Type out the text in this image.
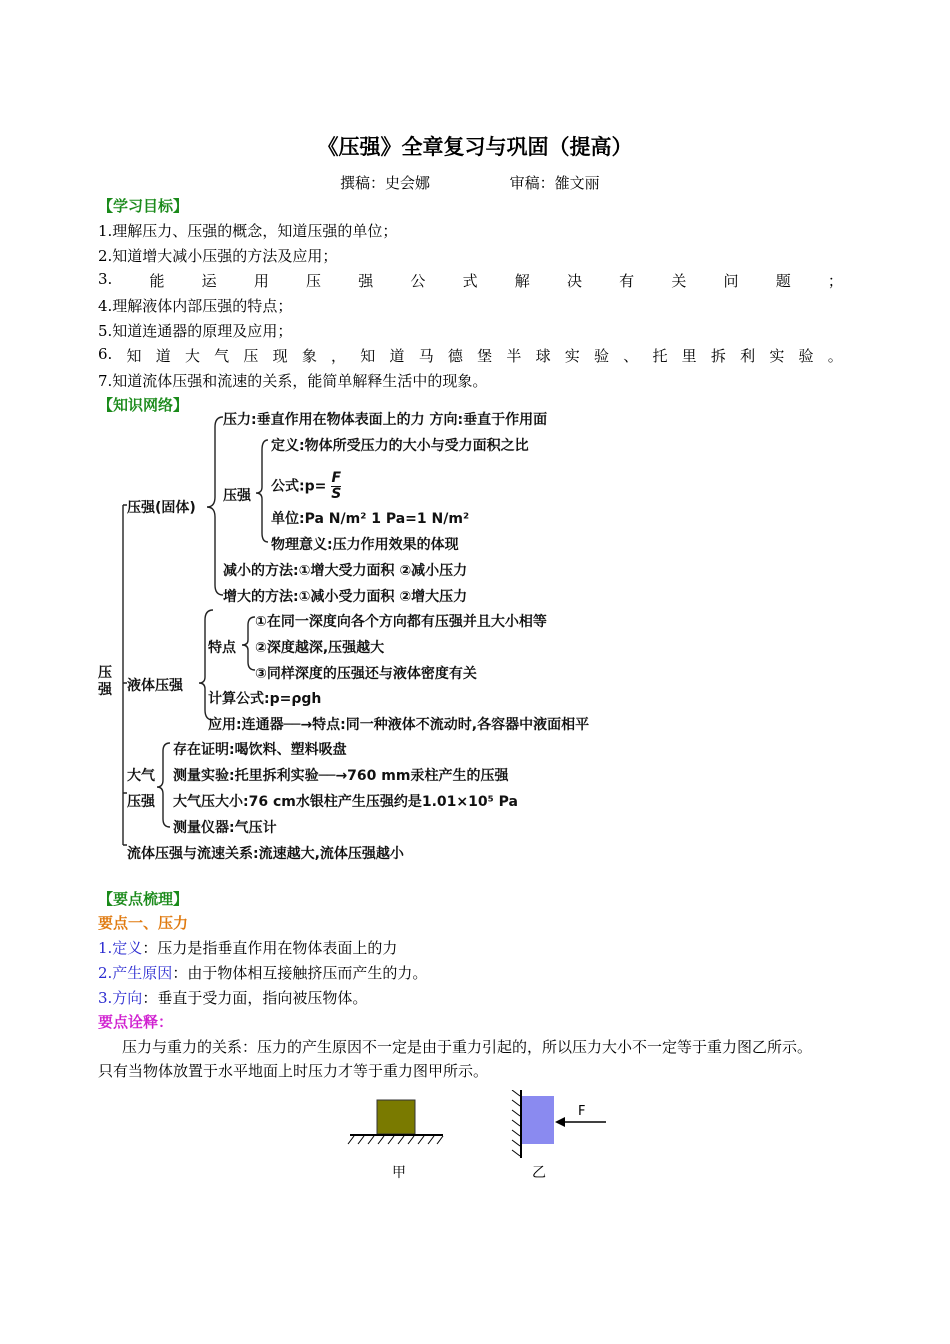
《压强》全章复习与巩固（提高）
撰稿：史会娜	审稿：雒文丽
【学习目标】
1.理解压力、压强的概念，知道压强的单位；
2.知道增大减小压强的方法及应用；
3. 能 运 用 压 强 公 式 解 决 有 关 问 题 ；
4.理解液体内部压强的特点；
5.知道连通器的原理及应用；
6. 知 道 大 气 压 现 象 ， 知 道 马 德 堡 半 球 实 验 、 托 里 拆 利 实 验 。
7.知道流体压强和流速的关系，能简单解释生活中的现象。
【知识网络】
压强
压强(固体)
压力:垂直作用在物体表面上的力 方向:垂直于作用面
压强
定义:物体所受压力的大小与受力面积之比
公式:p= $\frac{F}{S}$
单位:Pa N/m² 1 Pa=1 N/m²
物理意义:压力作用效果的体现
减小的方法:①增大受力面积 ②减小压力
增大的方法:①减小受力面积 ②增大压力
液体压强
特点
①在同一深度向各个方向都有压强并且大小相等
②深度越深,压强越大
③同样深度的压强还与液体密度有关
计算公式:p=ρgh
应用:连通器──→特点:同一种液体不流动时,各容器中液面相平
大气
压强
存在证明:喝饮料、塑料吸盘
测量实验:托里拆利实验──→760 mm汞柱产生的压强
大气压大小:76 cm水银柱产生压强约是1.01×10⁵ Pa
测量仪器:气压计
流体压强与流速关系:流速越大,流体压强越小
【要点梳理】
要点一、压力
1.定义：压力是指垂直作用在物体表面上的力
2.产生原因：由于物体相互接触挤压而产生的力。
3.方向：垂直于受力面，指向被压物体。
要点诠释：
压力与重力的关系：压力的产生原因不一定是由于重力引起的，所以压力大小不一定等于重力图乙所示。
只有当物体放置于水平地面上时压力才等于重力图甲所示。
F
甲	乙
